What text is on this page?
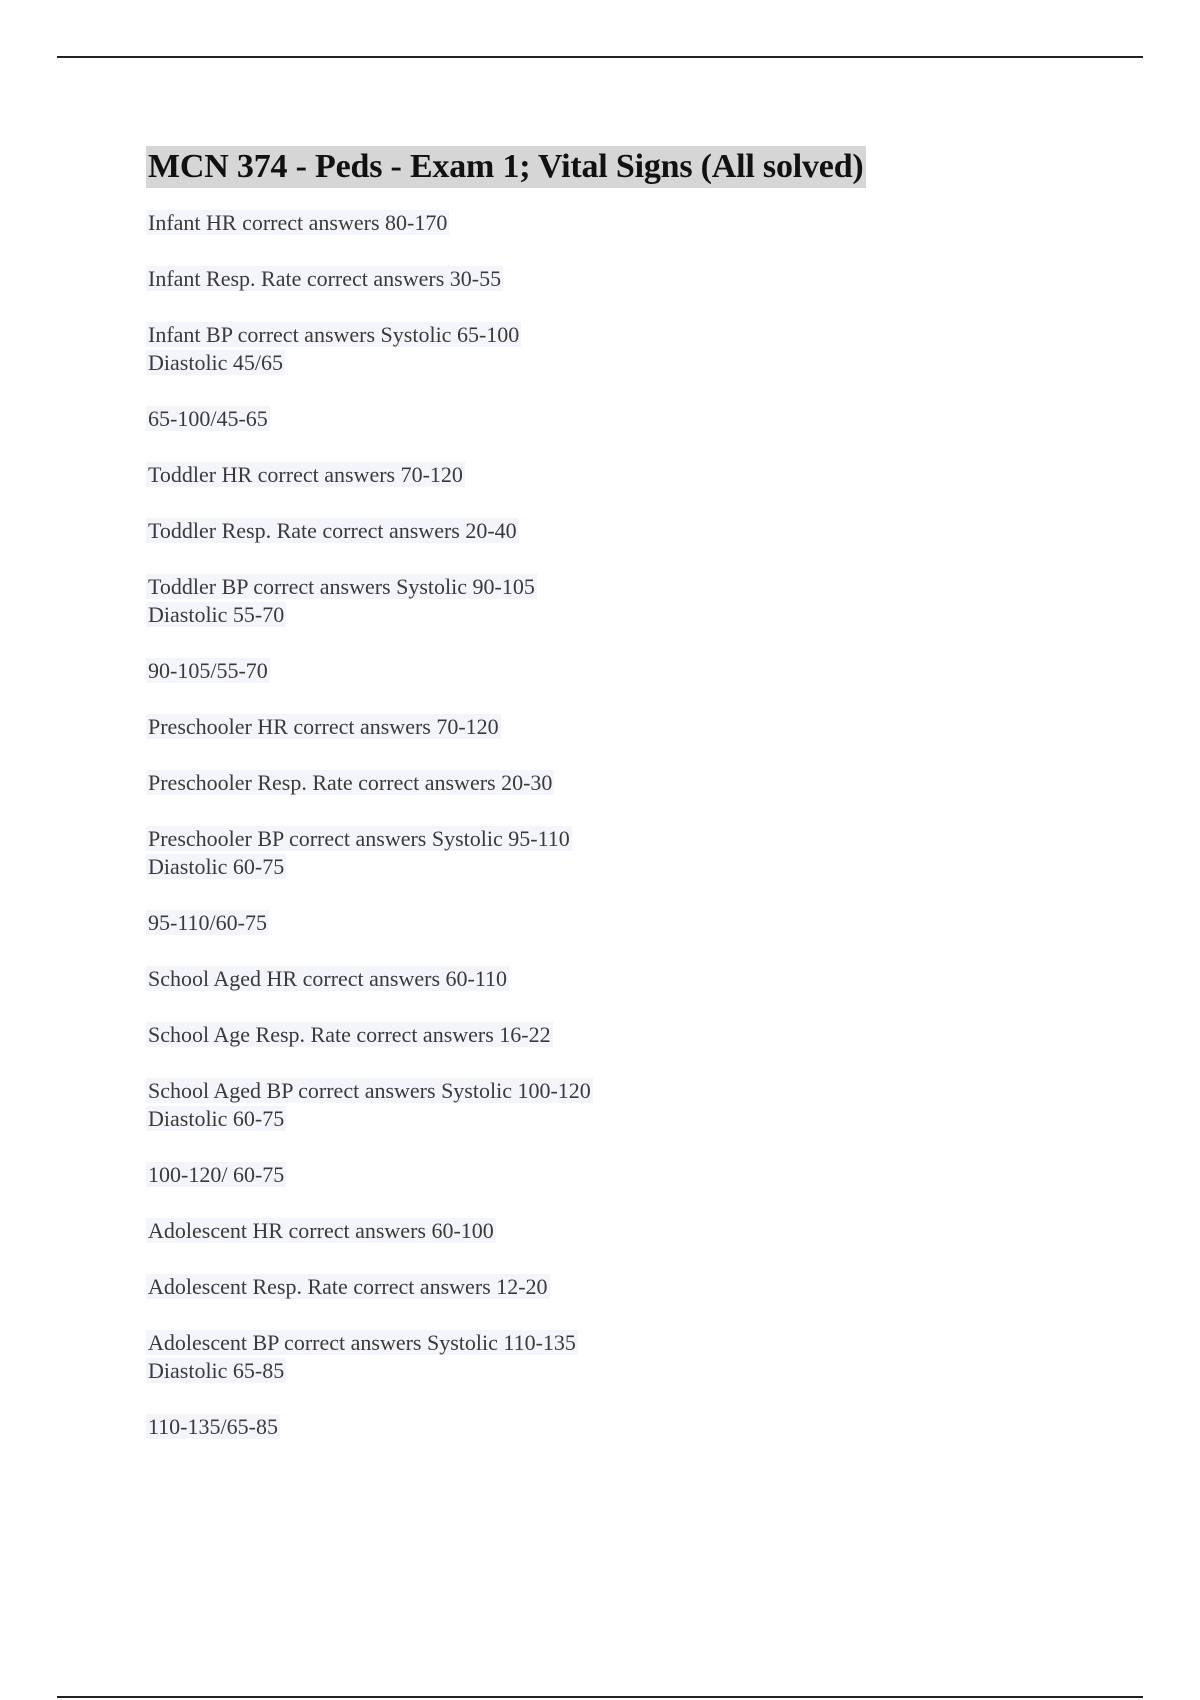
MCN 374 - Peds - Exam 1; Vital Signs (All solved)

Infant HR correct answers 80-170

Infant Resp. Rate correct answers 30-55

Infant BP correct answers Systolic 65-100
Diastolic 45/65

65-100/45-65

Toddler HR correct answers 70-120

Toddler Resp. Rate correct answers 20-40

Toddler BP correct answers Systolic 90-105
Diastolic 55-70

90-105/55-70

Preschooler HR correct answers 70-120

Preschooler Resp. Rate correct answers 20-30

Preschooler BP correct answers Systolic 95-110
Diastolic 60-75

95-110/60-75

School Aged HR correct answers 60-110

School Age Resp. Rate correct answers 16-22

School Aged BP correct answers Systolic 100-120
Diastolic 60-75

100-120/ 60-75

Adolescent HR correct answers 60-100

Adolescent Resp. Rate correct answers 12-20

Adolescent BP correct answers Systolic 110-135
Diastolic 65-85

110-135/65-85
